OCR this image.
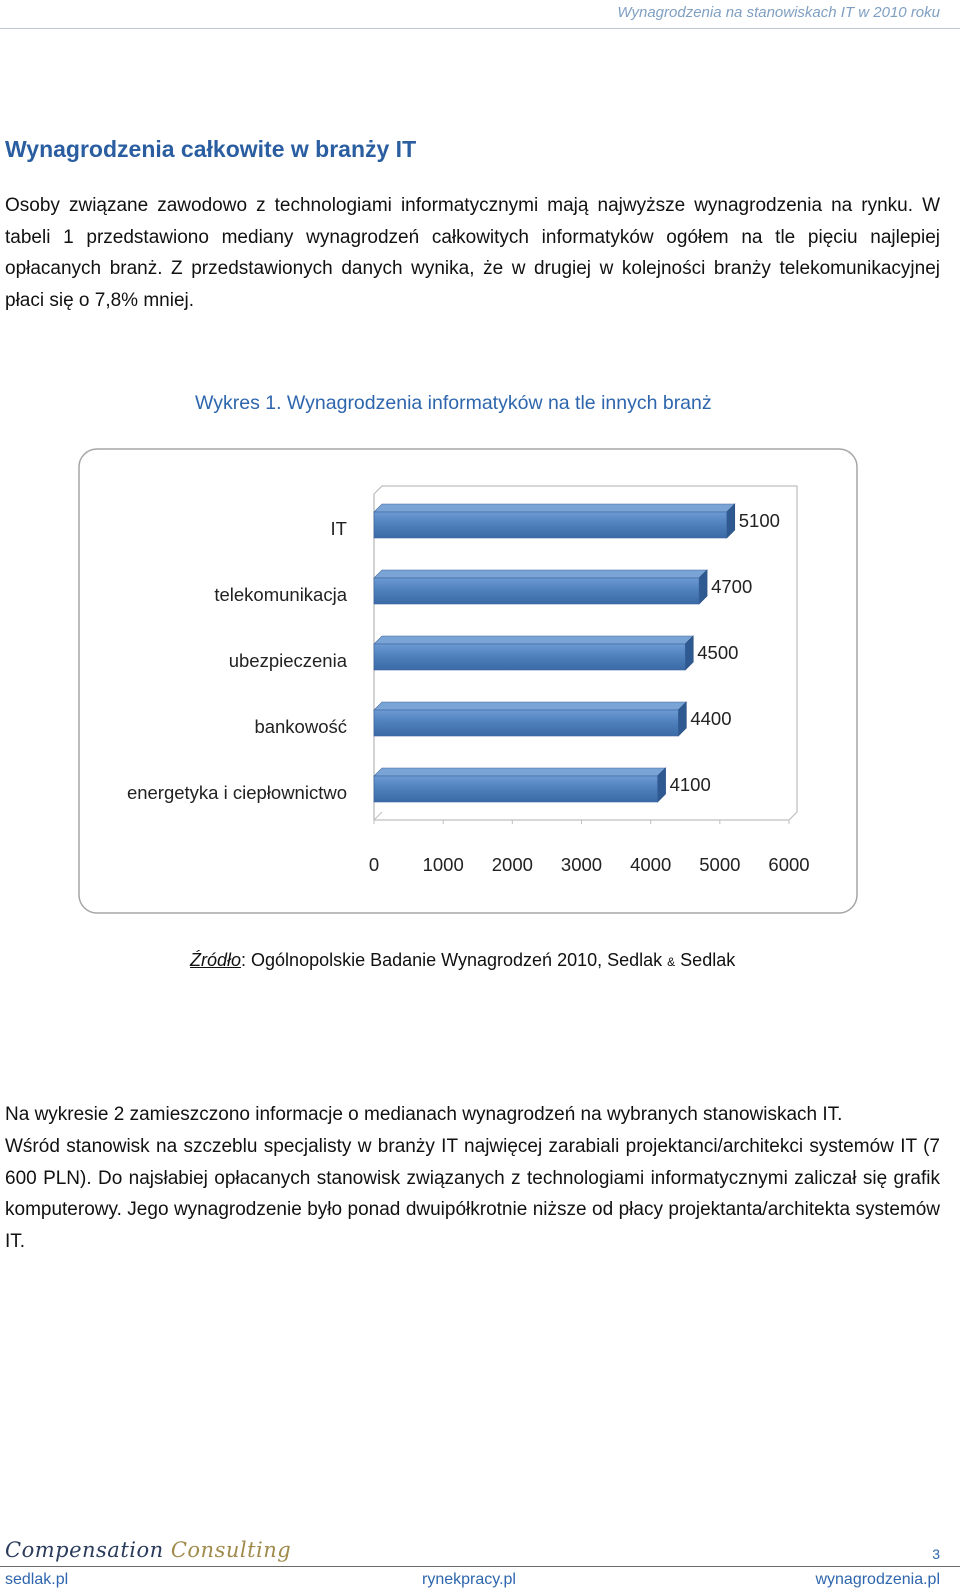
Wynagrodzenia na stanowiskach IT w 2010 roku
Wynagrodzenia całkowite w branży IT
Osoby związane zawodowo z technologiami informatycznymi mają najwyższe wynagrodzenia na rynku. W tabeli 1 przedstawiono mediany wynagrodzeń całkowitych informatyków ogółem na tle pięciu najlepiej opłacanych branż. Z przedstawionych danych wynika, że w drugiej w kolejności branży telekomunikacyjnej płaci się o 7,8% mniej.
Wykres 1. Wynagrodzenia informatyków na tle innych branż
0 1000 2000 3000 4000 5000 6000
IT	5100
telekomunikacja	4700
ubezpieczenia	4500
bankowość	4400
energetyka i ciepłownictwo	4100
Źródło: Ogólnopolskie Badanie Wynagrodzeń 2010, Sedlak & Sedlak
Na wykresie 2 zamieszczono informacje o medianach wynagrodzeń na wybranych stanowiskach IT.
Wśród stanowisk na szczeblu specjalisty w branży IT najwięcej zarabiali projektanci/architekci systemów IT (7 600 PLN). Do najsłabiej opłacanych stanowisk związanych z technologiami informatycznymi zaliczał się grafik komputerowy. Jego wynagrodzenie było ponad dwuipółkrotnie niższe od płacy projektanta/architekta systemów IT.
Compensation Consulting	3
sedlak.pl	rynekpracy.pl	wynagrodzenia.pl
